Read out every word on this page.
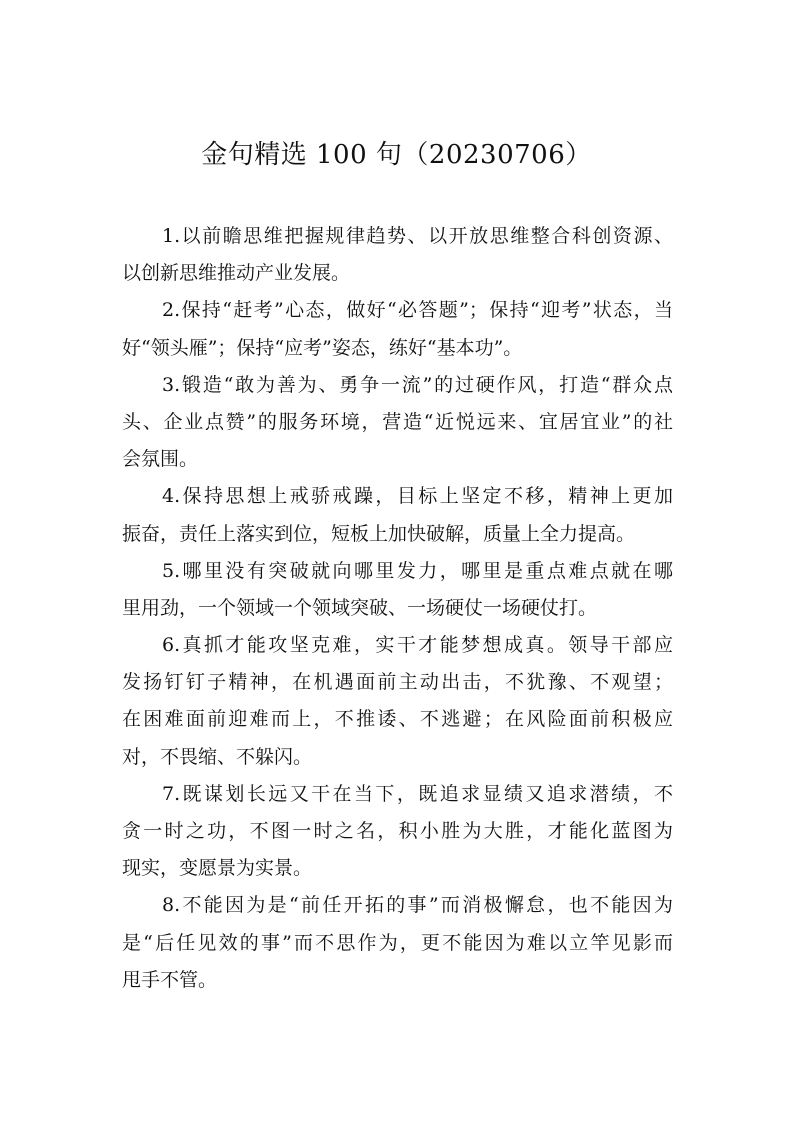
金句精选 100 句（20230706）
1.以前瞻思维把握规律趋势、以开放思维整合科创资源、
以创新思维推动产业发展。
2.保持“赶考”心态，做好“必答题”；保持“迎考”状态，当
好“领头雁”；保持“应考”姿态，练好“基本功”。
3.锻造“敢为善为、勇争一流”的过硬作风，打造“群众点
头、企业点赞”的服务环境，营造“近悦远来、宜居宜业”的社
会氛围。
4.保持思想上戒骄戒躁，目标上坚定不移，精神上更加
振奋，责任上落实到位，短板上加快破解，质量上全力提高。
5.哪里没有突破就向哪里发力，哪里是重点难点就在哪
里用劲，一个领域一个领域突破、一场硬仗一场硬仗打。
6.真抓才能攻坚克难，实干才能梦想成真。领导干部应
发扬钉钉子精神，在机遇面前主动出击，不犹豫、不观望；
在困难面前迎难而上，不推诿、不逃避；在风险面前积极应
对，不畏缩、不躲闪。
7.既谋划长远又干在当下，既追求显绩又追求潜绩，不
贪一时之功，不图一时之名，积小胜为大胜，才能化蓝图为
现实，变愿景为实景。
8.不能因为是“前任开拓的事”而消极懈怠，也不能因为
是“后任见效的事”而不思作为，更不能因为难以立竿见影而
甩手不管。
